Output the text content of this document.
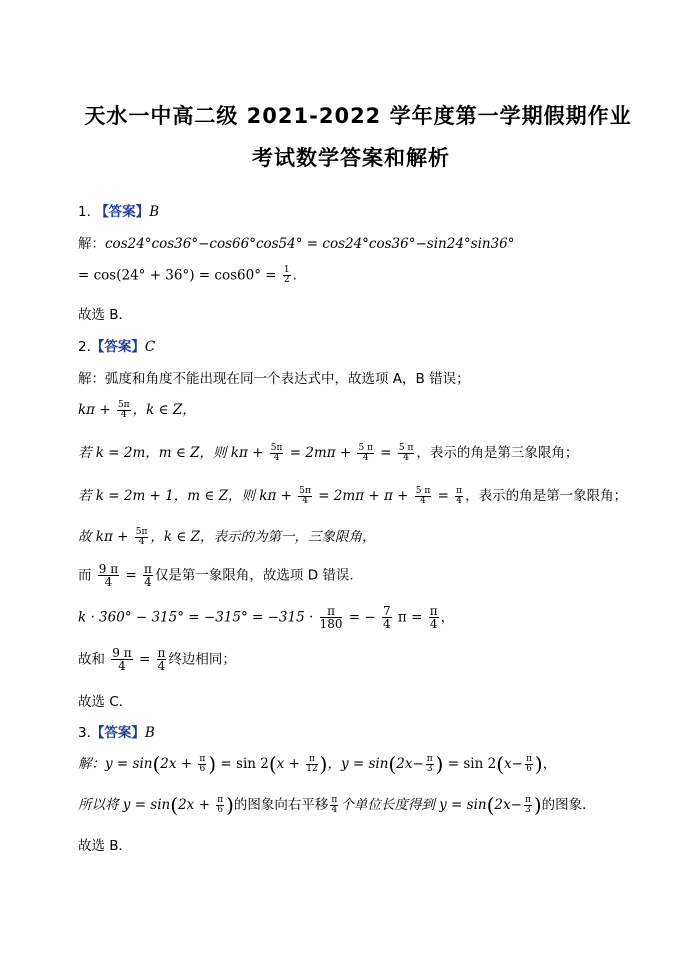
天水一中高二级 2021-2022 学年度第一学期假期作业
考试数学答案和解析
1. 【答案】B
解：cos24°cos36°−cos66°cos54° = cos24°cos36°−sin24°sin36°
= $\cos(24^\circ + 36^\circ) = \cos 60^\circ = \frac{1}{2}$ .
故选 B．
2.【答案】C
解：弧度和角度不能出现在同一个表达式中，故选项 A，B 错误；
$k\pi + \frac{5\pi}{4}$ ，k ∈ Z，
若 k = 2m，m ∈ Z，则 $k\pi + \frac{5\pi}{4} = 2m\pi + \frac{5 \pi}{4} = \frac{5 \pi}{4}$ ，表示的角是第三象限角；
若 k = 2m + 1，m ∈ Z，则 $k\pi + \frac{5\pi}{4} = 2m\pi + \pi + \frac{5 \pi}{4} = \frac{\pi}{4}$ ，表示的角是第一象限角；
故 $k\pi + \frac{5\pi}{4}$ ，k ∈ Z，表示的为第一，三象限角，
而 $\frac{9 \pi}{4} = \frac{\pi}{4}$ 仅是第一象限角，故选项 D 错误．
$k \cdot 360^\circ - 315^\circ = -315^\circ = -315 \cdot \frac{\pi}{180}$ = − $\frac{7}{4}$ $\pi = \frac{\pi}{4}$ ，
故和 $\frac{9 \pi}{4} = \frac{\pi}{4}$ 终边相同；
故选 C．
3.【答案】B
解：$y = \sin(2x + \frac{\pi}{6}$ ) = $\sin 2(x + \frac{\pi}{12}$ )，$y = \sin(2x- \frac{\pi}{3}$ ) = $\sin 2(x- \frac{\pi}{6}$ )，
所以将 $y = \sin(2x + \frac{\pi}{6}$ )的图象向右平移 $\frac{\pi}{4}$ 个单位长度得到 $y = \sin(2x- \frac{\pi}{3}$ )的图象．
故选 B．
